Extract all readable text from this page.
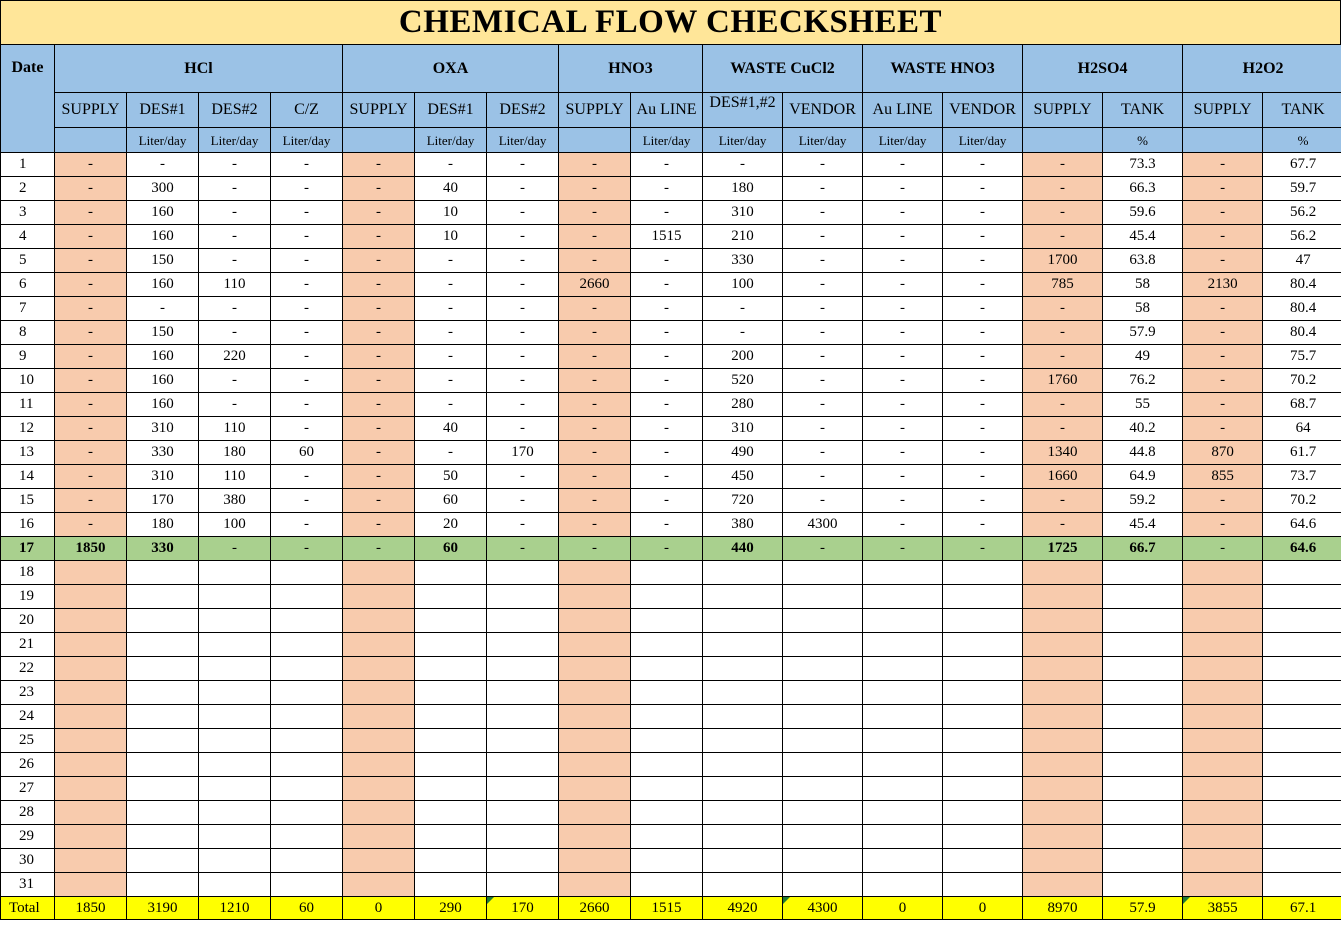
CHEMICAL FLOW CHECKSHEET
Date	HCl				OXA			HNO3		WASTE CuCl2		WASTE HNO3		H2SO4		H2O2	
	SUPPLY	DES#1	DES#2	C/Z	SUPPLY	DES#1	DES#2	SUPPLY	Au LINE	DES#1,#2	VENDOR	Au LINE	VENDOR	SUPPLY	TANK	SUPPLY	TANK
		Liter/day	Liter/day	Liter/day		Liter/day	Liter/day		Liter/day	Liter/day	Liter/day	Liter/day	Liter/day		%		%
1	-	-	-	-	-	-	-	-	-	-	-	-	-	-	73.3	-	67.7
2	-	300	-	-	-	40	-	-	-	180	-	-	-	-	66.3	-	59.7
3	-	160	-	-	-	10	-	-	-	310	-	-	-	-	59.6	-	56.2
4	-	160	-	-	-	10	-	-	1515	210	-	-	-	-	45.4	-	56.2
5	-	150	-	-	-	-	-	-	-	330	-	-	-	1700	63.8	-	47
6	-	160	110	-	-	-	-	2660	-	100	-	-	-	785	58	2130	80.4
7	-	-	-	-	-	-	-	-	-	-	-	-	-	-	58	-	80.4
8	-	150	-	-	-	-	-	-	-	-	-	-	-	-	57.9	-	80.4
9	-	160	220	-	-	-	-	-	-	200	-	-	-	-	49	-	75.7
10	-	160	-	-	-	-	-	-	-	520	-	-	-	1760	76.2	-	70.2
11	-	160	-	-	-	-	-	-	-	280	-	-	-	-	55	-	68.7
12	-	310	110	-	-	40	-	-	-	310	-	-	-	-	40.2	-	64
13	-	330	180	60	-	-	170	-	-	490	-	-	-	1340	44.8	870	61.7
14	-	310	110	-	-	50	-	-	-	450	-	-	-	1660	64.9	855	73.7
15	-	170	380	-	-	60	-	-	-	720	-	-	-	-	59.2	-	70.2
16	-	180	100	-	-	20	-	-	-	380	4300	-	-	-	45.4	-	64.6
17	1850	330	-	-	-	60	-	-	-	440	-	-	-	1725	66.7	-	64.6
18																	
19																	
20																	
21																	
22																	
23																	
24																	
25																	
26																	
27																	
28																	
29																	
30																	
31																	
Total	1850	3190	1210	60	0	290	170	2660	1515	4920	4300	0	0	8970	57.9	3855	67.1
